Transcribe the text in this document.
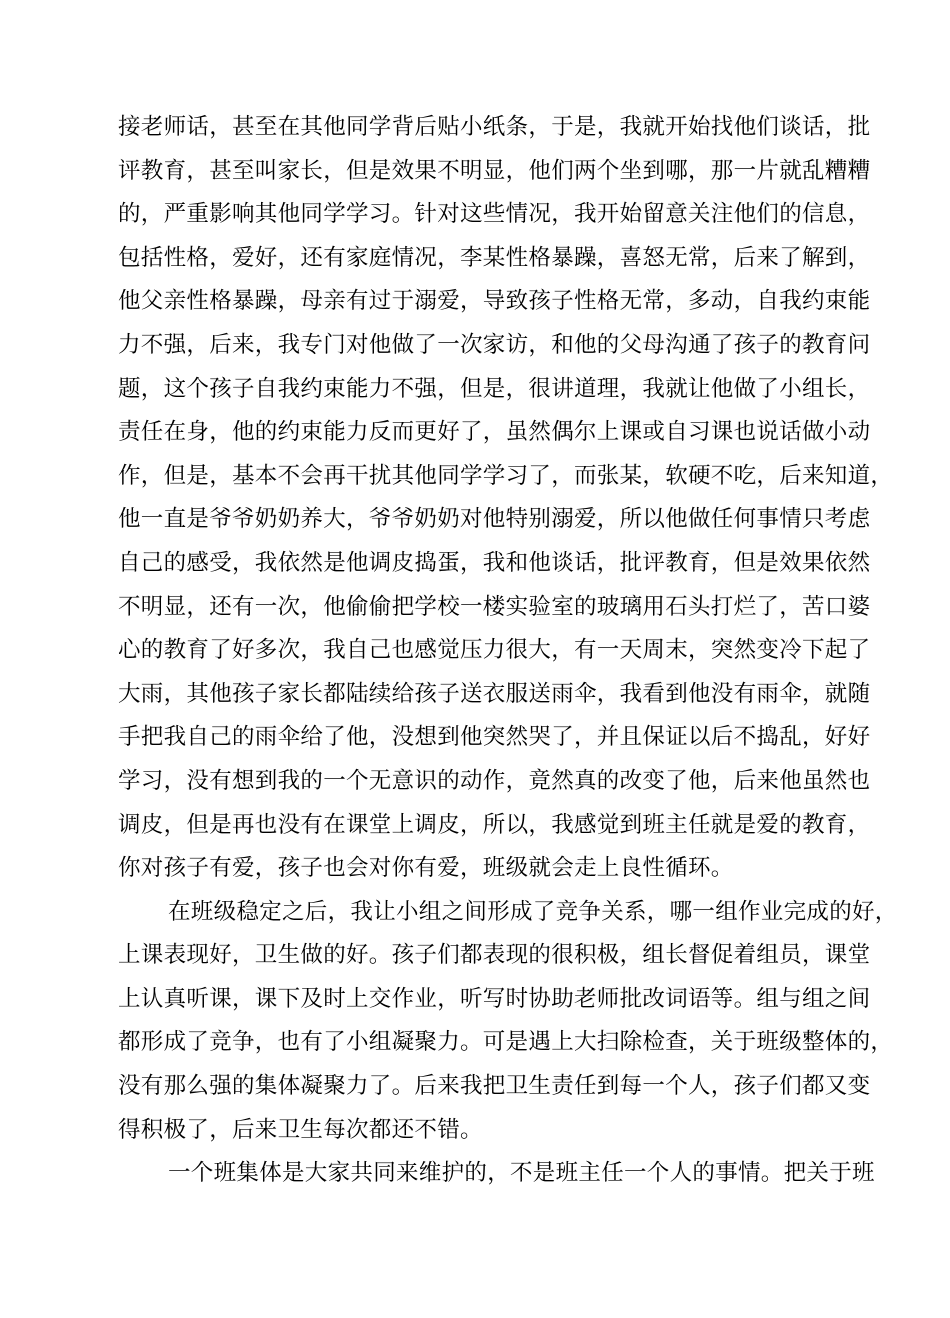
接老师话，甚至在其他同学背后贴小纸条，于是，我就开始找他们谈话，批
评教育，甚至叫家长，但是效果不明显，他们两个坐到哪，那一片就乱糟糟
的，严重影响其他同学学习。针对这些情况，我开始留意关注他们的信息，
包括性格，爱好，还有家庭情况，李某性格暴躁，喜怒无常，后来了解到，
他父亲性格暴躁，母亲有过于溺爱，导致孩子性格无常，多动，自我约束能
力不强，后来，我专门对他做了一次家访，和他的父母沟通了孩子的教育问
题，这个孩子自我约束能力不强，但是，很讲道理，我就让他做了小组长，
责任在身，他的约束能力反而更好了，虽然偶尔上课或自习课也说话做小动
作，但是，基本不会再干扰其他同学学习了，而张某，软硬不吃，后来知道，
他一直是爷爷奶奶养大，爷爷奶奶对他特别溺爱，所以他做任何事情只考虑
自己的感受，我依然是他调皮捣蛋，我和他谈话，批评教育，但是效果依然
不明显，还有一次，他偷偷把学校一楼实验室的玻璃用石头打烂了，苦口婆
心的教育了好多次，我自己也感觉压力很大，有一天周末，突然变冷下起了
大雨，其他孩子家长都陆续给孩子送衣服送雨伞，我看到他没有雨伞，就随
手把我自己的雨伞给了他，没想到他突然哭了，并且保证以后不捣乱，好好
学习，没有想到我的一个无意识的动作，竟然真的改变了他，后来他虽然也
调皮，但是再也没有在课堂上调皮，所以，我感觉到班主任就是爱的教育，
你对孩子有爱，孩子也会对你有爱，班级就会走上良性循环。
在班级稳定之后，我让小组之间形成了竞争关系，哪一组作业完成的好，
上课表现好，卫生做的好。孩子们都表现的很积极，组长督促着组员，课堂
上认真听课，课下及时上交作业，听写时协助老师批改词语等。组与组之间
都形成了竞争，也有了小组凝聚力。可是遇上大扫除检查，关于班级整体的，
没有那么强的集体凝聚力了。后来我把卫生责任到每一个人，孩子们都又变
得积极了，后来卫生每次都还不错。
一个班集体是大家共同来维护的，不是班主任一个人的事情。把关于班
